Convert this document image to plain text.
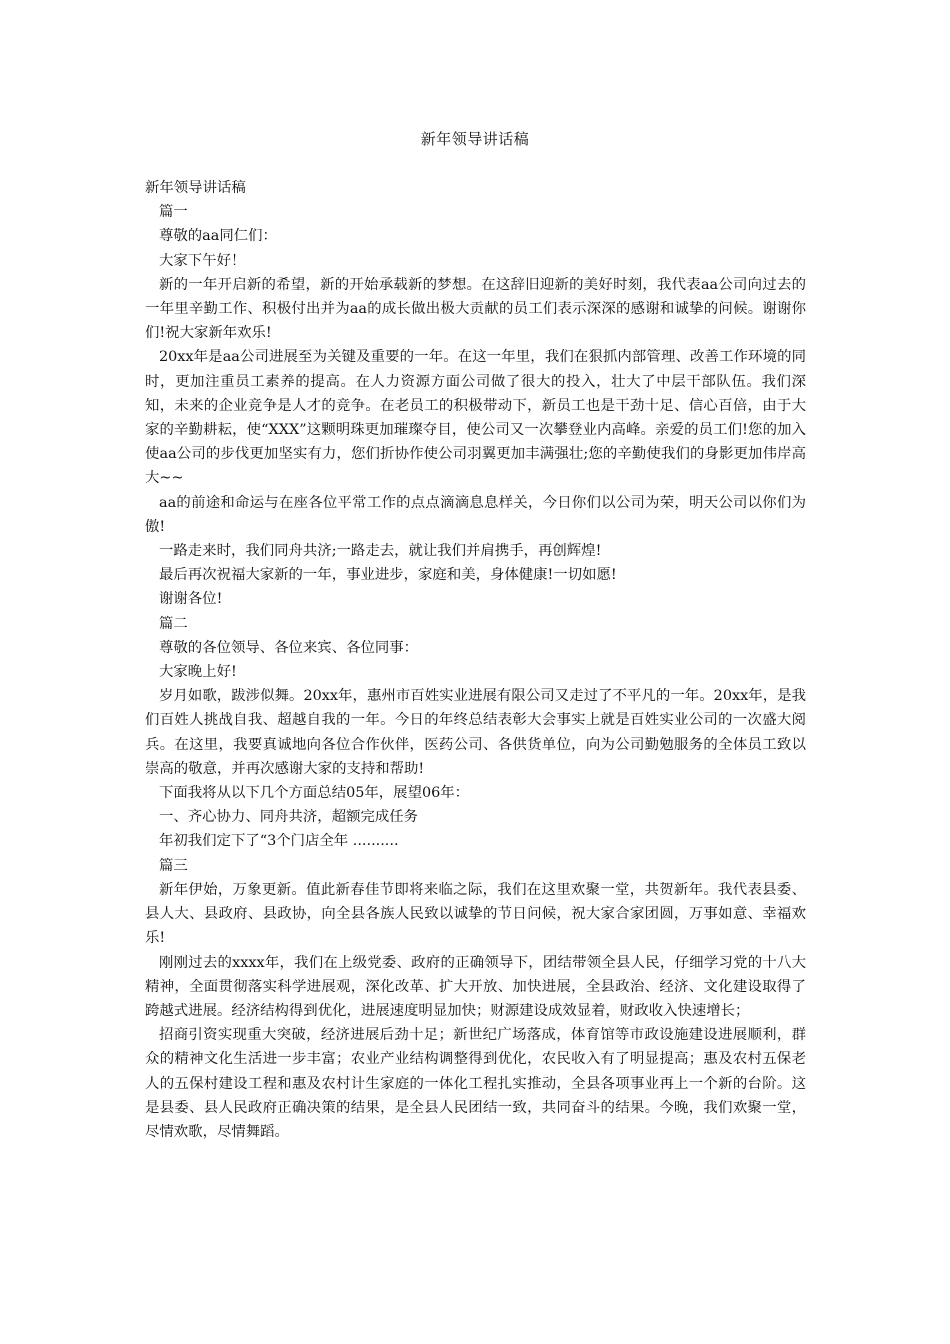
新年领导讲话稿

新年领导讲话稿

篇一

尊敬的aa同仁们：

大家下午好！

新的一年开启新的希望，新的开始承载新的梦想。在这辞旧迎新的美好时刻，我代表aa公司向过去的一年里辛勤工作、积极付出并为aa的成长做出极大贡献的员工们表示深深的感谢和诚挚的问候。谢谢你们!祝大家新年欢乐!

20xx年是aa公司进展至为关键及重要的一年。在这一年里，我们在狠抓内部管理、改善工作环境的同时，更加注重员工素养的提高。在人力资源方面公司做了很大的投入，壮大了中层干部队伍。我们深知，未来的企业竞争是人才的竞争。在老员工的积极带动下，新员工也是干劲十足、信心百倍，由于大家的辛勤耕耘，使“XXX”这颗明珠更加璀璨夺目，使公司又一次攀登业内高峰。亲爱的员工们!您的加入使aa公司的步伐更加坚实有力，您们折协作使公司羽翼更加丰满强壮;您的辛勤使我们的身影更加伟岸高大~~

aa的前途和命运与在座各位平常工作的点点滴滴息息样关，今日你们以公司为荣，明天公司以你们为傲!

一路走来时，我们同舟共济;一路走去，就让我们并肩携手，再创辉煌!

最后再次祝福大家新的一年，事业进步，家庭和美，身体健康!一切如愿!

谢谢各位!

篇二

尊敬的各位领导、各位来宾、各位同事：

大家晚上好!

岁月如歌，跋涉似舞。20xx年，惠州市百姓实业进展有限公司又走过了不平凡的一年。20xx年，是我们百姓人挑战自我、超越自我的一年。今日的年终总结表彰大会事实上就是百姓实业公司的一次盛大阅兵。在这里，我要真诚地向各位合作伙伴，医药公司、各供货单位，向为公司勤勉服务的全体员工致以崇高的敬意，并再次感谢大家的支持和帮助!

下面我将从以下几个方面总结05年，展望06年：

一、齐心协力、同舟共济，超额完成任务

年初我们定下了“3个门店全年 ..........

篇三

新年伊始，万象更新。值此新春佳节即将来临之际，我们在这里欢聚一堂，共贺新年。我代表县委、县人大、县政府、县政协，向全县各族人民致以诚挚的节日问候，祝大家合家团圆，万事如意、幸福欢乐!

刚刚过去的xxxx年，我们在上级党委、政府的正确领导下，团结带领全县人民，仔细学习党的十八大精神，全面贯彻落实科学进展观，深化改革、扩大开放、加快进展，全县政治、经济、文化建设取得了跨越式进展。经济结构得到优化，进展速度明显加快；财源建设成效显着，财政收入快速增长；

招商引资实现重大突破，经济进展后劲十足；新世纪广场落成，体育馆等市政设施建设进展顺利，群众的精神文化生活进一步丰富；农业产业结构调整得到优化，农民收入有了明显提高；惠及农村五保老人的五保村建设工程和惠及农村计生家庭的一体化工程扎实推动，全县各项事业再上一个新的台阶。这是县委、县人民政府正确决策的结果，是全县人民团结一致，共同奋斗的结果。今晚，我们欢聚一堂，尽情欢歌，尽情舞蹈。
